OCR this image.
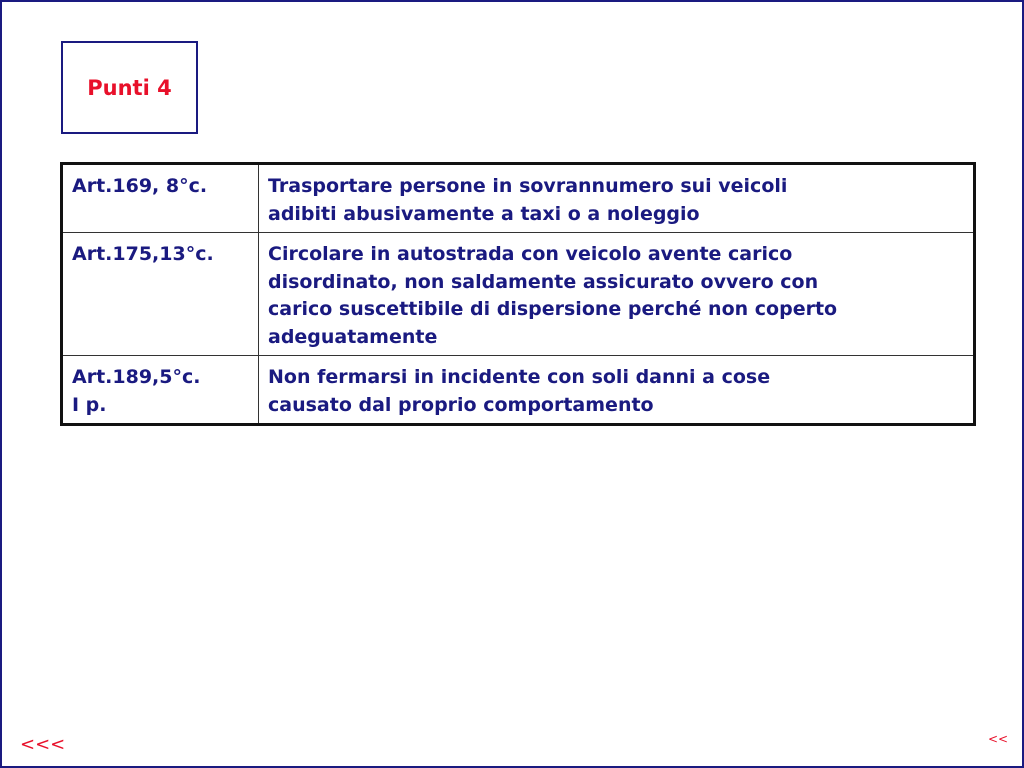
Punti 4
Art.169, 8°c.	Trasportare persone in sovrannumero sui veicoli
adibiti abusivamente a taxi o a noleggio
Art.175,13°c.	Circolare in autostrada con veicolo avente carico
disordinato, non saldamente assicurato ovvero con
carico suscettibile di dispersione perché non coperto
adeguatamente
Art.189,5°c.
I p.	Non fermarsi in incidente con soli danni a cose
causato dal proprio comportamento
<<<	<<
